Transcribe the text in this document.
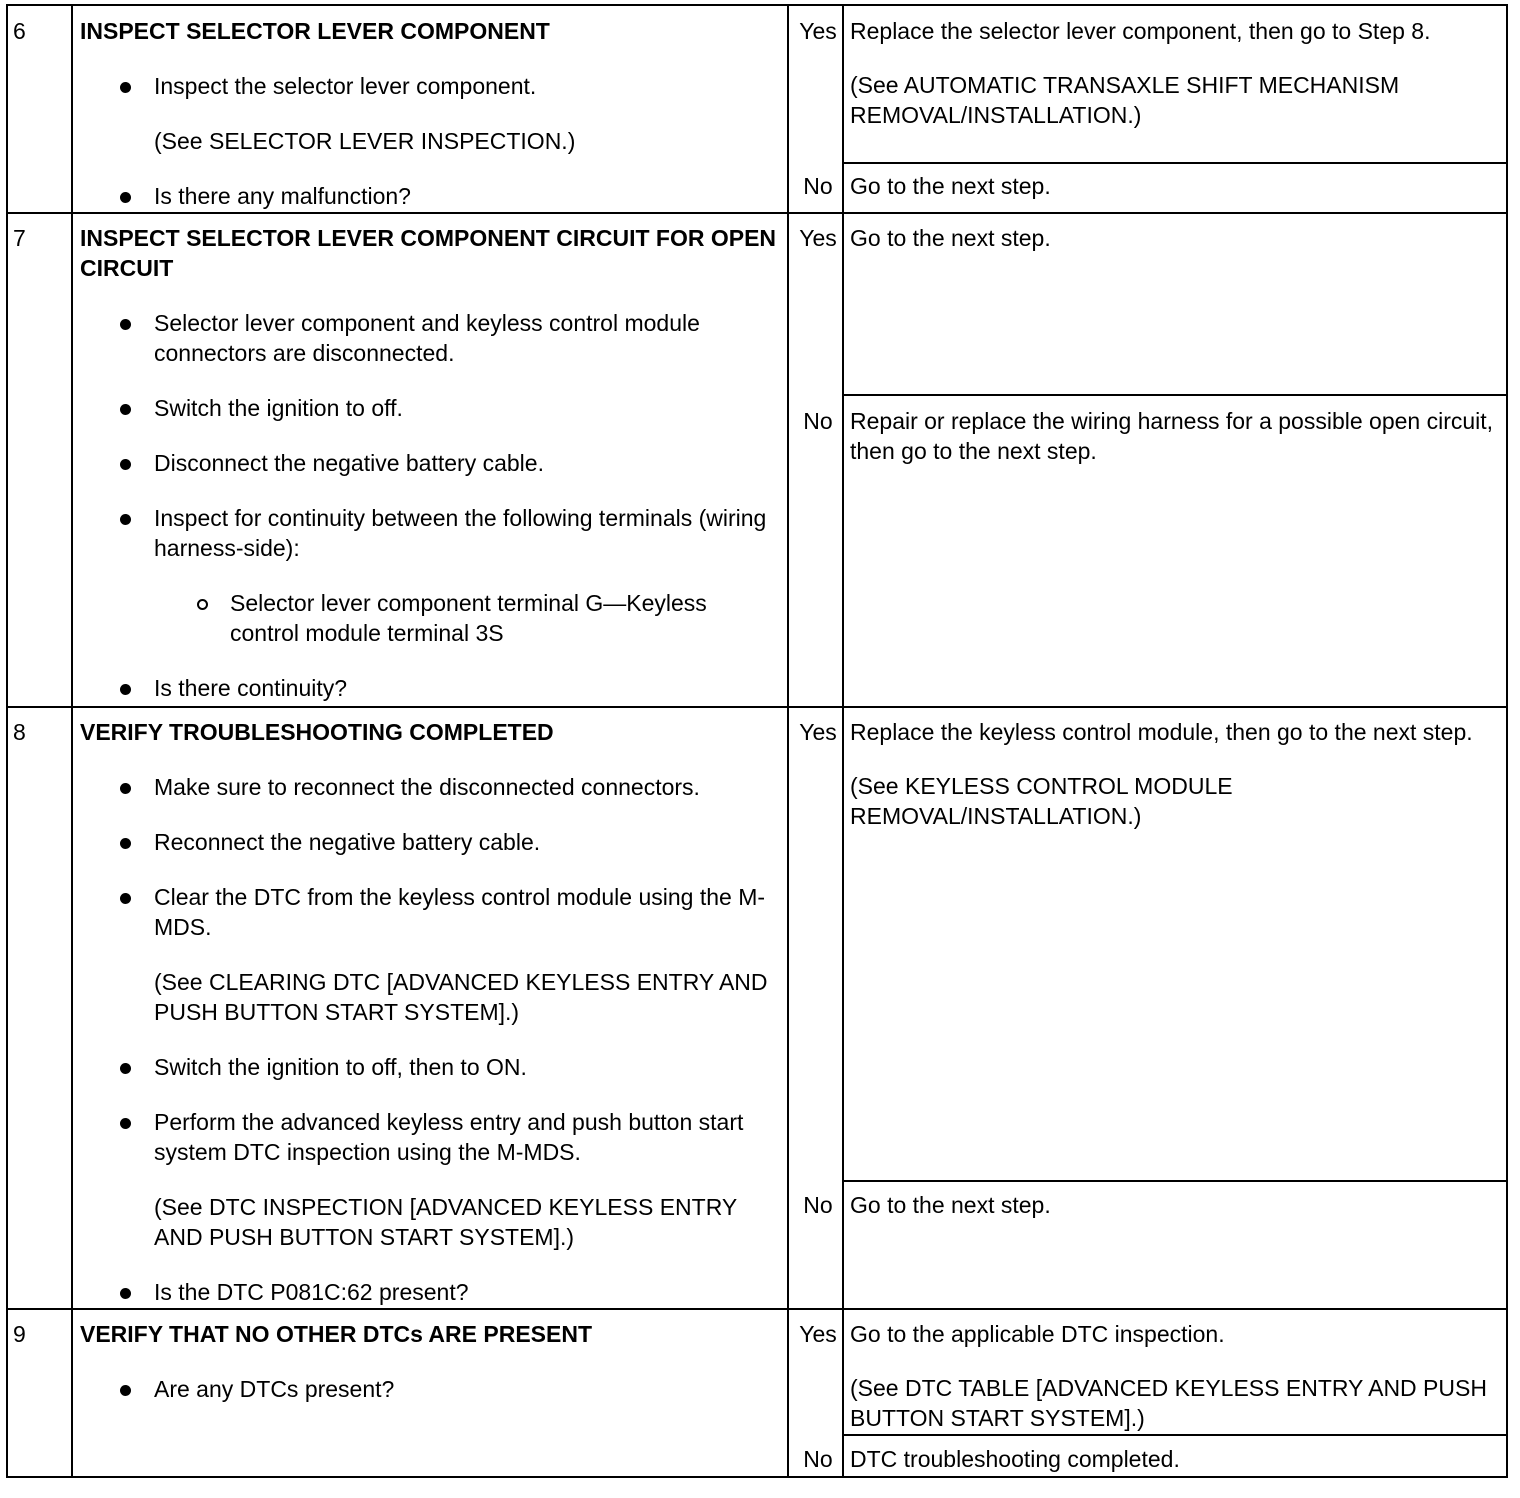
6 INSPECT SELECTOR LEVER COMPONENT

Inspect the selector lever component.
(See SELECTOR LEVER INSPECTION.)
Is there any malfunction?
Yes Replace the selector lever component, then go to Step 8.

(See AUTOMATIC TRANSAXLE SHIFT MECHANISM REMOVAL/INSTALLATION.)

No Go to the next step.

7 INSPECT SELECTOR LEVER COMPONENT CIRCUIT FOR OPEN CIRCUIT

Selector lever component and keyless control module connectors are disconnected.
Switch the ignition to off.
Disconnect the negative battery cable.
Inspect for continuity between the following terminals (wiring harness-side):
Selector lever component terminal G—Keyless control module terminal 3S
Is there continuity?
Yes Go to the next step.

No Repair or replace the wiring harness for a possible open circuit, then go to the next step.

8 VERIFY TROUBLESHOOTING COMPLETED

Make sure to reconnect the disconnected connectors.
Reconnect the negative battery cable.
Clear the DTC from the keyless control module using the M-MDS.
(See CLEARING DTC [ADVANCED KEYLESS ENTRY AND PUSH BUTTON START SYSTEM].)
Switch the ignition to off, then to ON.
Perform the advanced keyless entry and push button start system DTC inspection using the M-MDS.
(See DTC INSPECTION [ADVANCED KEYLESS ENTRY AND PUSH BUTTON START SYSTEM].)
Is the DTC P081C:62 present?
Yes Replace the keyless control module, then go to the next step.

(See KEYLESS CONTROL MODULE REMOVAL/INSTALLATION.)

No Go to the next step.

9 VERIFY THAT NO OTHER DTCs ARE PRESENT

Are any DTCs present?
Yes Go to the applicable DTC inspection.

(See DTC TABLE [ADVANCED KEYLESS ENTRY AND PUSH BUTTON START SYSTEM].)

No DTC troubleshooting completed.
